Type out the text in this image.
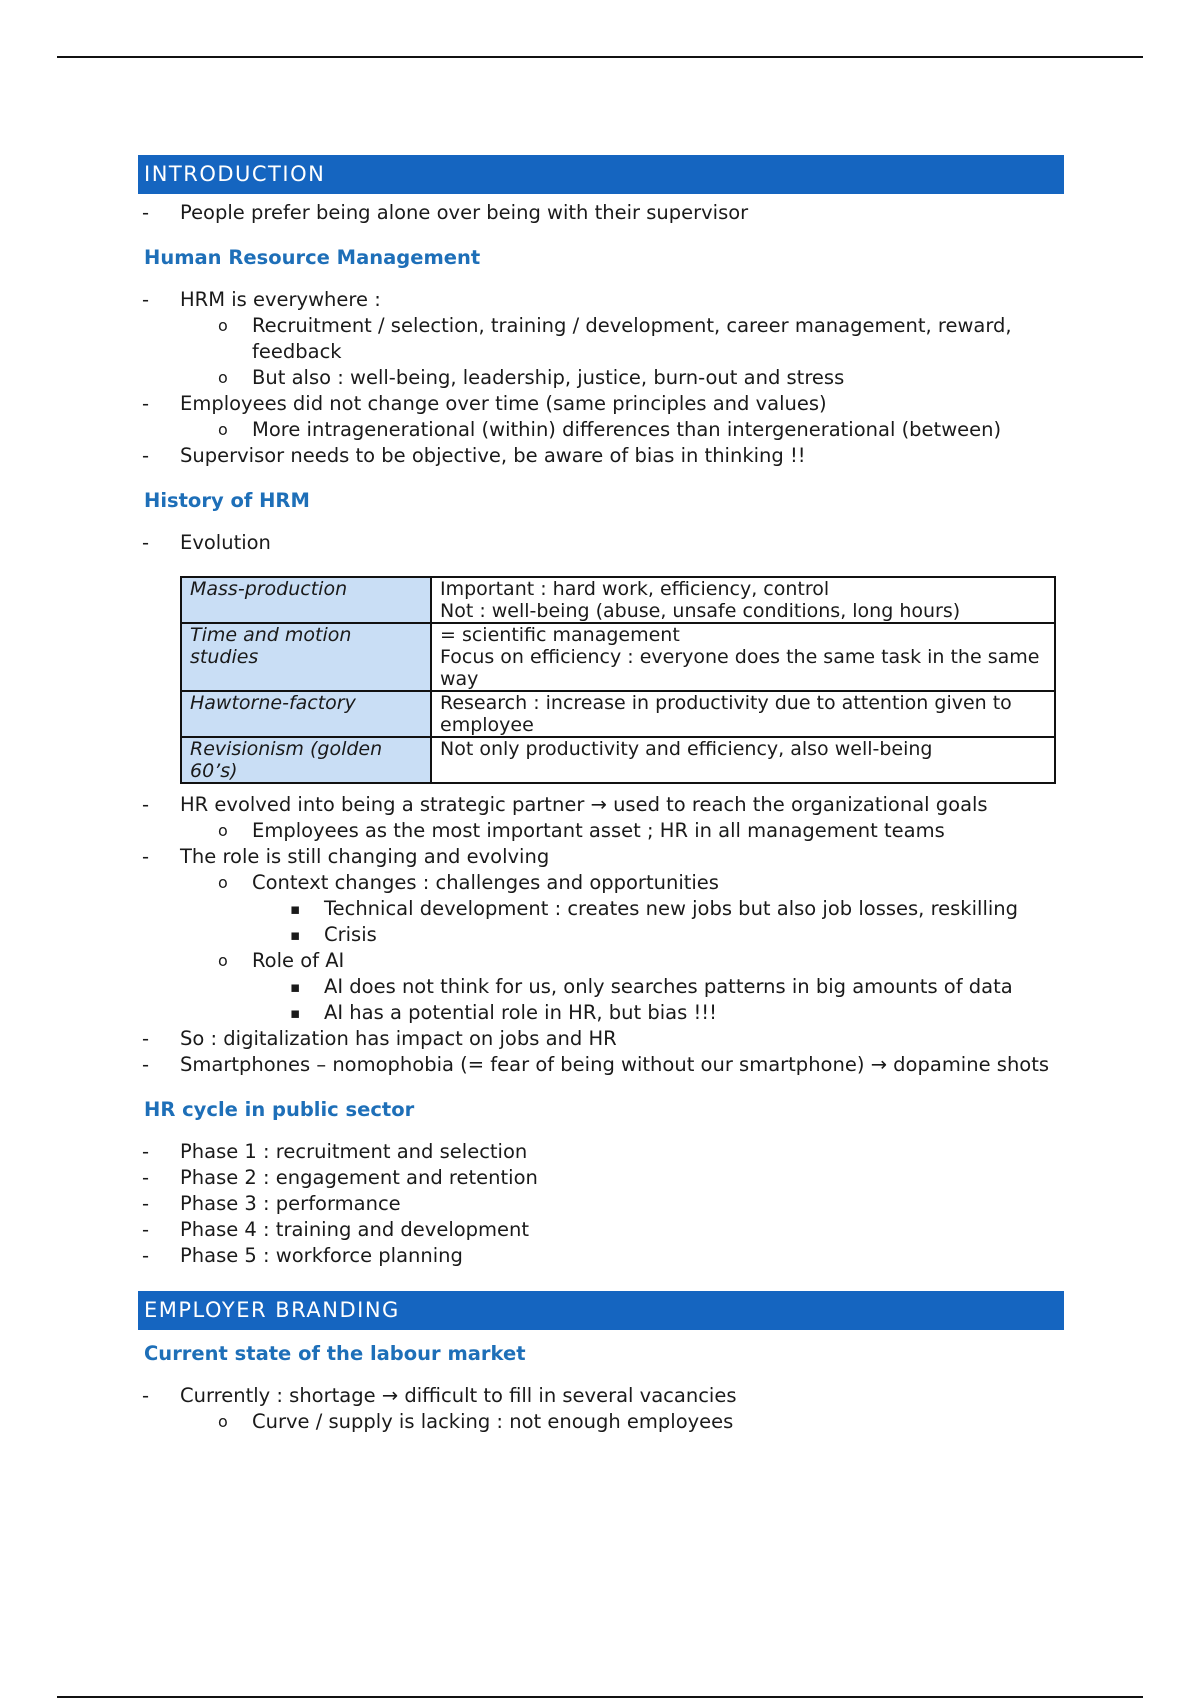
INTRODUCTION
- People prefer being alone over being with their supervisor
Human Resource Management
- HRM is everywhere :
o Recruitment / selection, training / development, career management, reward, feedback
o But also : well-being, leadership, justice, burn-out and stress
- Employees did not change over time (same principles and values)
o More intragenerational (within) differences than intergenerational (between)
- Supervisor needs to be objective, be aware of bias in thinking !!
History of HRM
- Evolution
Mass-production	Important : hard work, efficiency, control
Not : well-being (abuse, unsafe conditions, long hours)

Time and motion studies	= scientific management
Focus on efficiency : everyone does the same task in the same way

Hawtorne-factory	Research : increase in productivity due to attention given to employee

Revisionism (golden 60’s)	Not only productivity and efficiency, also well-being
- HR evolved into being a strategic partner → used to reach the organizational goals
o Employees as the most important asset ; HR in all management teams
- The role is still changing and evolving
o Context changes : challenges and opportunities
▪ Technical development : creates new jobs but also job losses, reskilling
▪ Crisis
o Role of AI
▪ AI does not think for us, only searches patterns in big amounts of data
▪ AI has a potential role in HR, but bias !!!
- So : digitalization has impact on jobs and HR
- Smartphones – nomophobia (= fear of being without our smartphone) → dopamine shots
HR cycle in public sector
- Phase 1 : recruitment and selection
- Phase 2 : engagement and retention
- Phase 3 : performance
- Phase 4 : training and development
- Phase 5 : workforce planning
EMPLOYER BRANDING
Current state of the labour market
- Currently : shortage → difficult to fill in several vacancies
o Curve / supply is lacking : not enough employees
